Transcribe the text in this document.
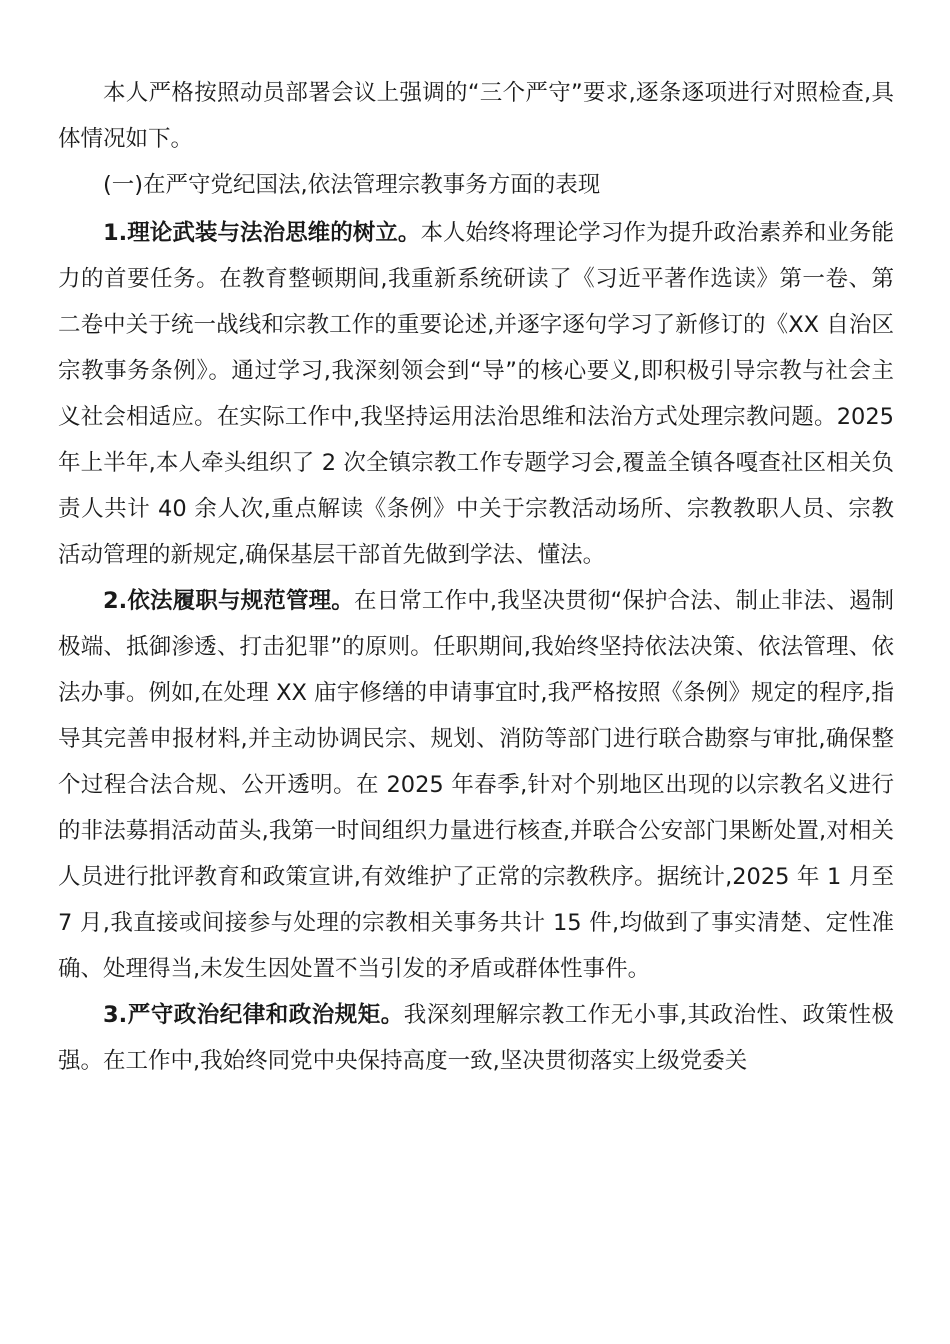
本人严格按照动员部署会议上强调的“三个严守”要求,逐条逐项进行对照检查,具体情况如下。

(一)在严守党纪国法,依法管理宗教事务方面的表现

1.理论武装与法治思维的树立。本人始终将理论学习作为提升政治素养和业务能力的首要任务。在教育整顿期间,我重新系统研读了《习近平著作选读》第一卷、第二卷中关于统一战线和宗教工作的重要论述,并逐字逐句学习了新修订的《XX 自治区宗教事务条例》。通过学习,我深刻领会到“导”的核心要义,即积极引导宗教与社会主义社会相适应。在实际工作中,我坚持运用法治思维和法治方式处理宗教问题。2025 年上半年,本人牵头组织了 2 次全镇宗教工作专题学习会,覆盖全镇各嘎查社区相关负责人共计 40 余人次,重点解读《条例》中关于宗教活动场所、宗教教职人员、宗教活动管理的新规定,确保基层干部首先做到学法、懂法。

2.依法履职与规范管理。在日常工作中,我坚决贯彻“保护合法、制止非法、遏制极端、抵御渗透、打击犯罪”的原则。任职期间,我始终坚持依法决策、依法管理、依法办事。例如,在处理 XX 庙宇修缮的申请事宜时,我严格按照《条例》规定的程序,指导其完善申报材料,并主动协调民宗、规划、消防等部门进行联合勘察与审批,确保整个过程合法合规、公开透明。在 2025 年春季,针对个别地区出现的以宗教名义进行的非法募捐活动苗头,我第一时间组织力量进行核查,并联合公安部门果断处置,对相关人员进行批评教育和政策宣讲,有效维护了正常的宗教秩序。据统计,2025 年 1 月至 7 月,我直接或间接参与处理的宗教相关事务共计 15 件,均做到了事实清楚、定性准确、处理得当,未发生因处置不当引发的矛盾或群体性事件。

3.严守政治纪律和政治规矩。我深刻理解宗教工作无小事,其政治性、政策性极强。在工作中,我始终同党中央保持高度一致,坚决贯彻落实上级党委关
